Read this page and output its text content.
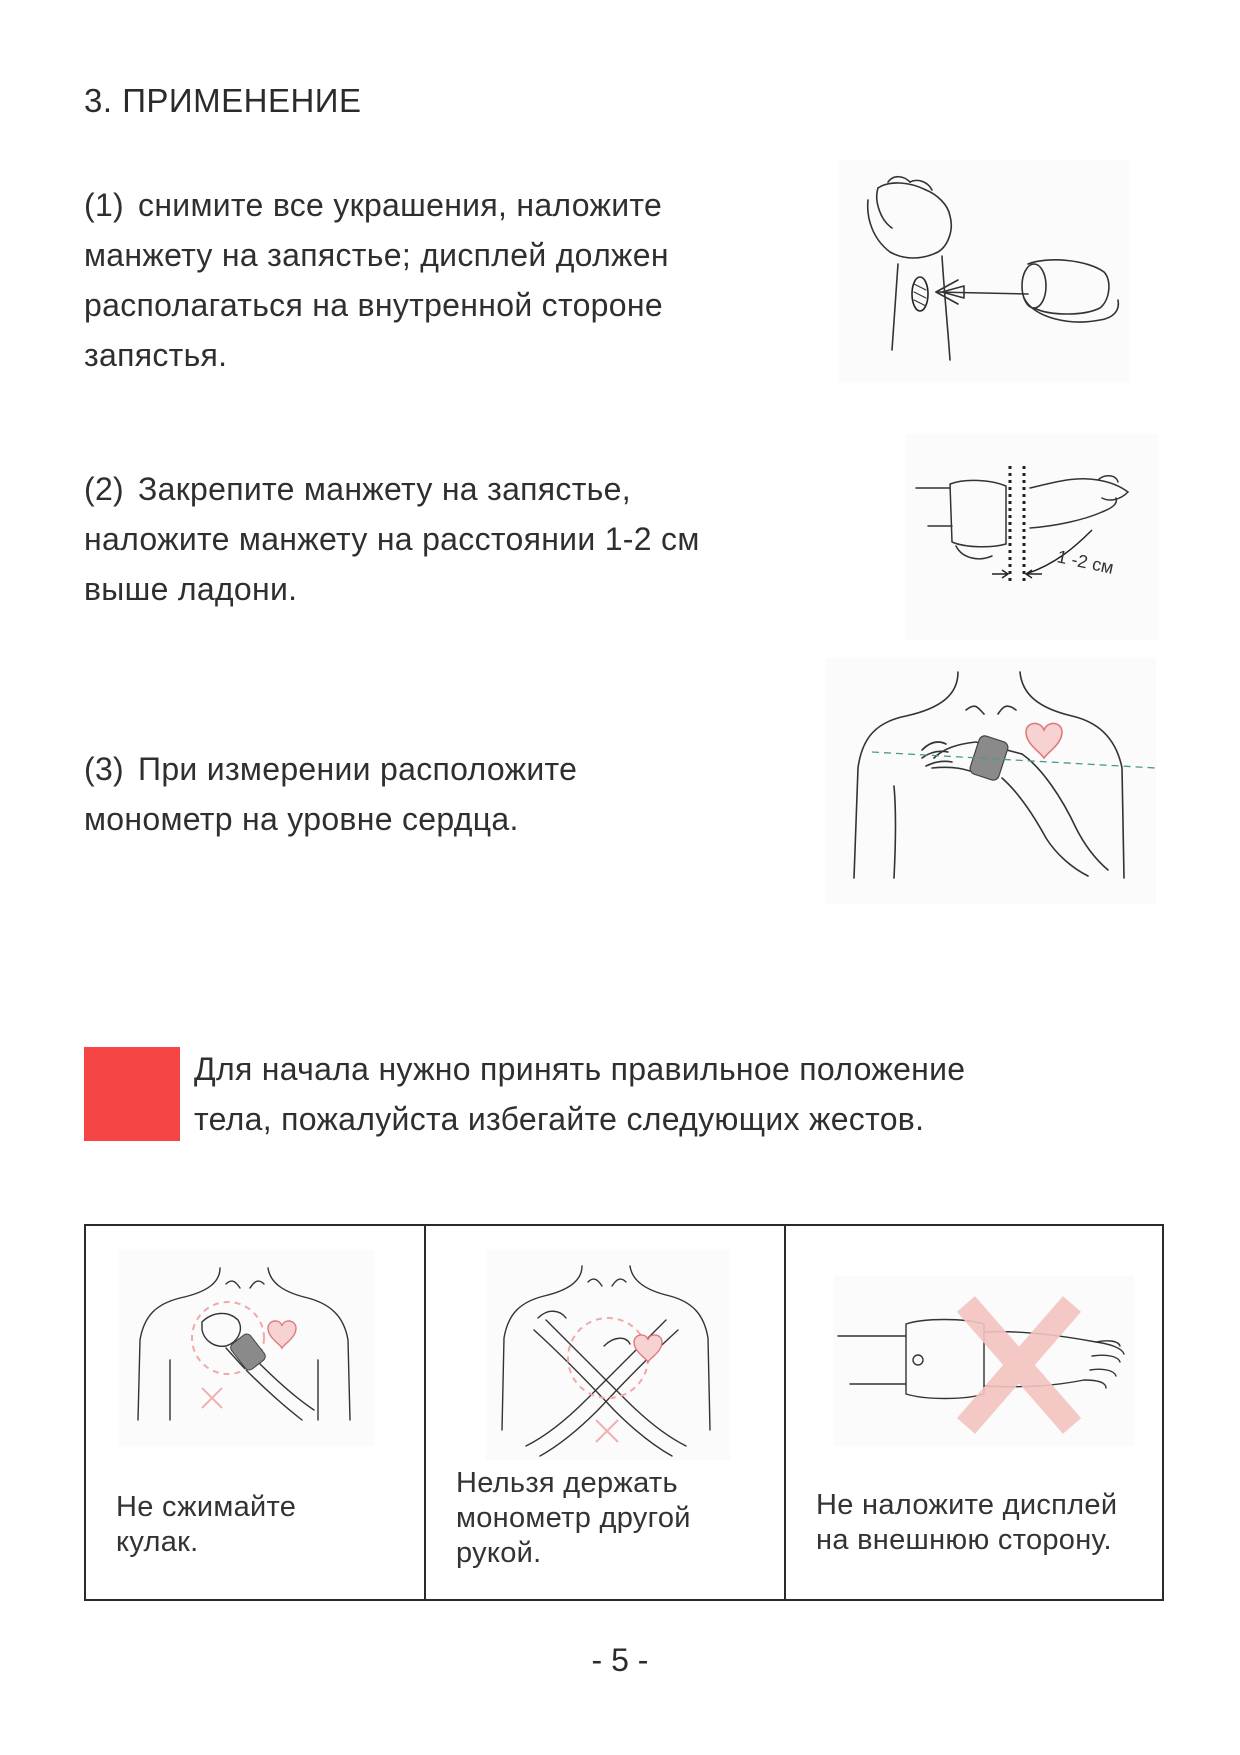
3. ПРИМЕНЕНИЕ
(1) снимите все украшения, наложите
манжету на запястье; дисплей должен
располагаться на внутренной стороне
запястья.
(2) Закрепите манжету на запястье,
наложите манжету на расстоянии 1-2 см
выше ладони.
1 -2 см
(3) При измерении расположите
монометр на уровне сердца.
Для начала нужно принять правильное положение
тела, пожалуйста избегайте следующих жестов.
Не сжимайте
кулак.
Нельзя держать
монометр другой
рукой.
Не наложите дисплей
на внешнюю сторону.
- 5 -
